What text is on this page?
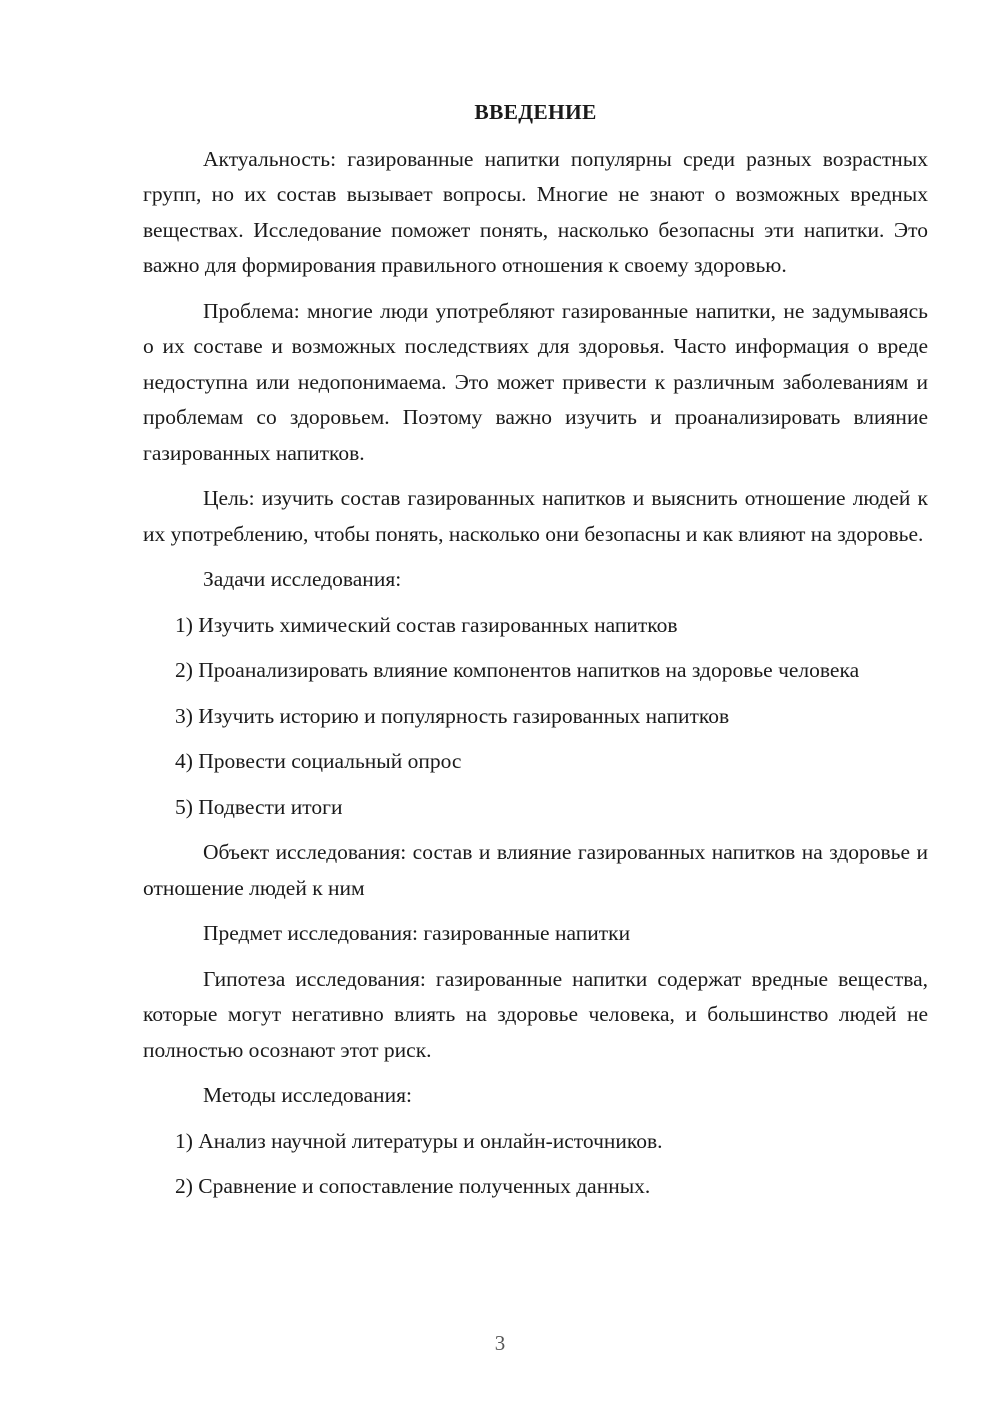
ВВЕДЕНИЕ
Актуальность: газированные напитки популярны среди разных возрастных групп, но их состав вызывает вопросы. Многие не знают о возможных вредных веществах. Исследование поможет понять, насколько безопасны эти напитки. Это важно для формирования правильного отношения к своему здоровью.
Проблема: многие люди употребляют газированные напитки, не задумываясь о их составе и возможных последствиях для здоровья. Часто информация о вреде недоступна или недопонимаема. Это может привести к различным заболеваниям и проблемам со здоровьем. Поэтому важно изучить и проанализировать влияние газированных напитков.
Цель: изучить состав газированных напитков и выяснить отношение людей к их употреблению, чтобы понять, насколько они безопасны и как влияют на здоровье.
Задачи исследования:
1) Изучить химический состав газированных напитков
2) Проанализировать влияние компонентов напитков на здоровье человека
3) Изучить историю и популярность газированных напитков
4) Провести социальный опрос
5) Подвести итоги
Объект исследования: состав и влияние газированных напитков на здоровье и отношение людей к ним
Предмет исследования: газированные напитки
Гипотеза исследования: газированные напитки содержат вредные вещества, которые могут негативно влиять на здоровье человека, и большинство людей не полностью осознают этот риск.
Методы исследования:
1) Анализ научной литературы и онлайн-источников.
2) Сравнение и сопоставление полученных данных.
3
